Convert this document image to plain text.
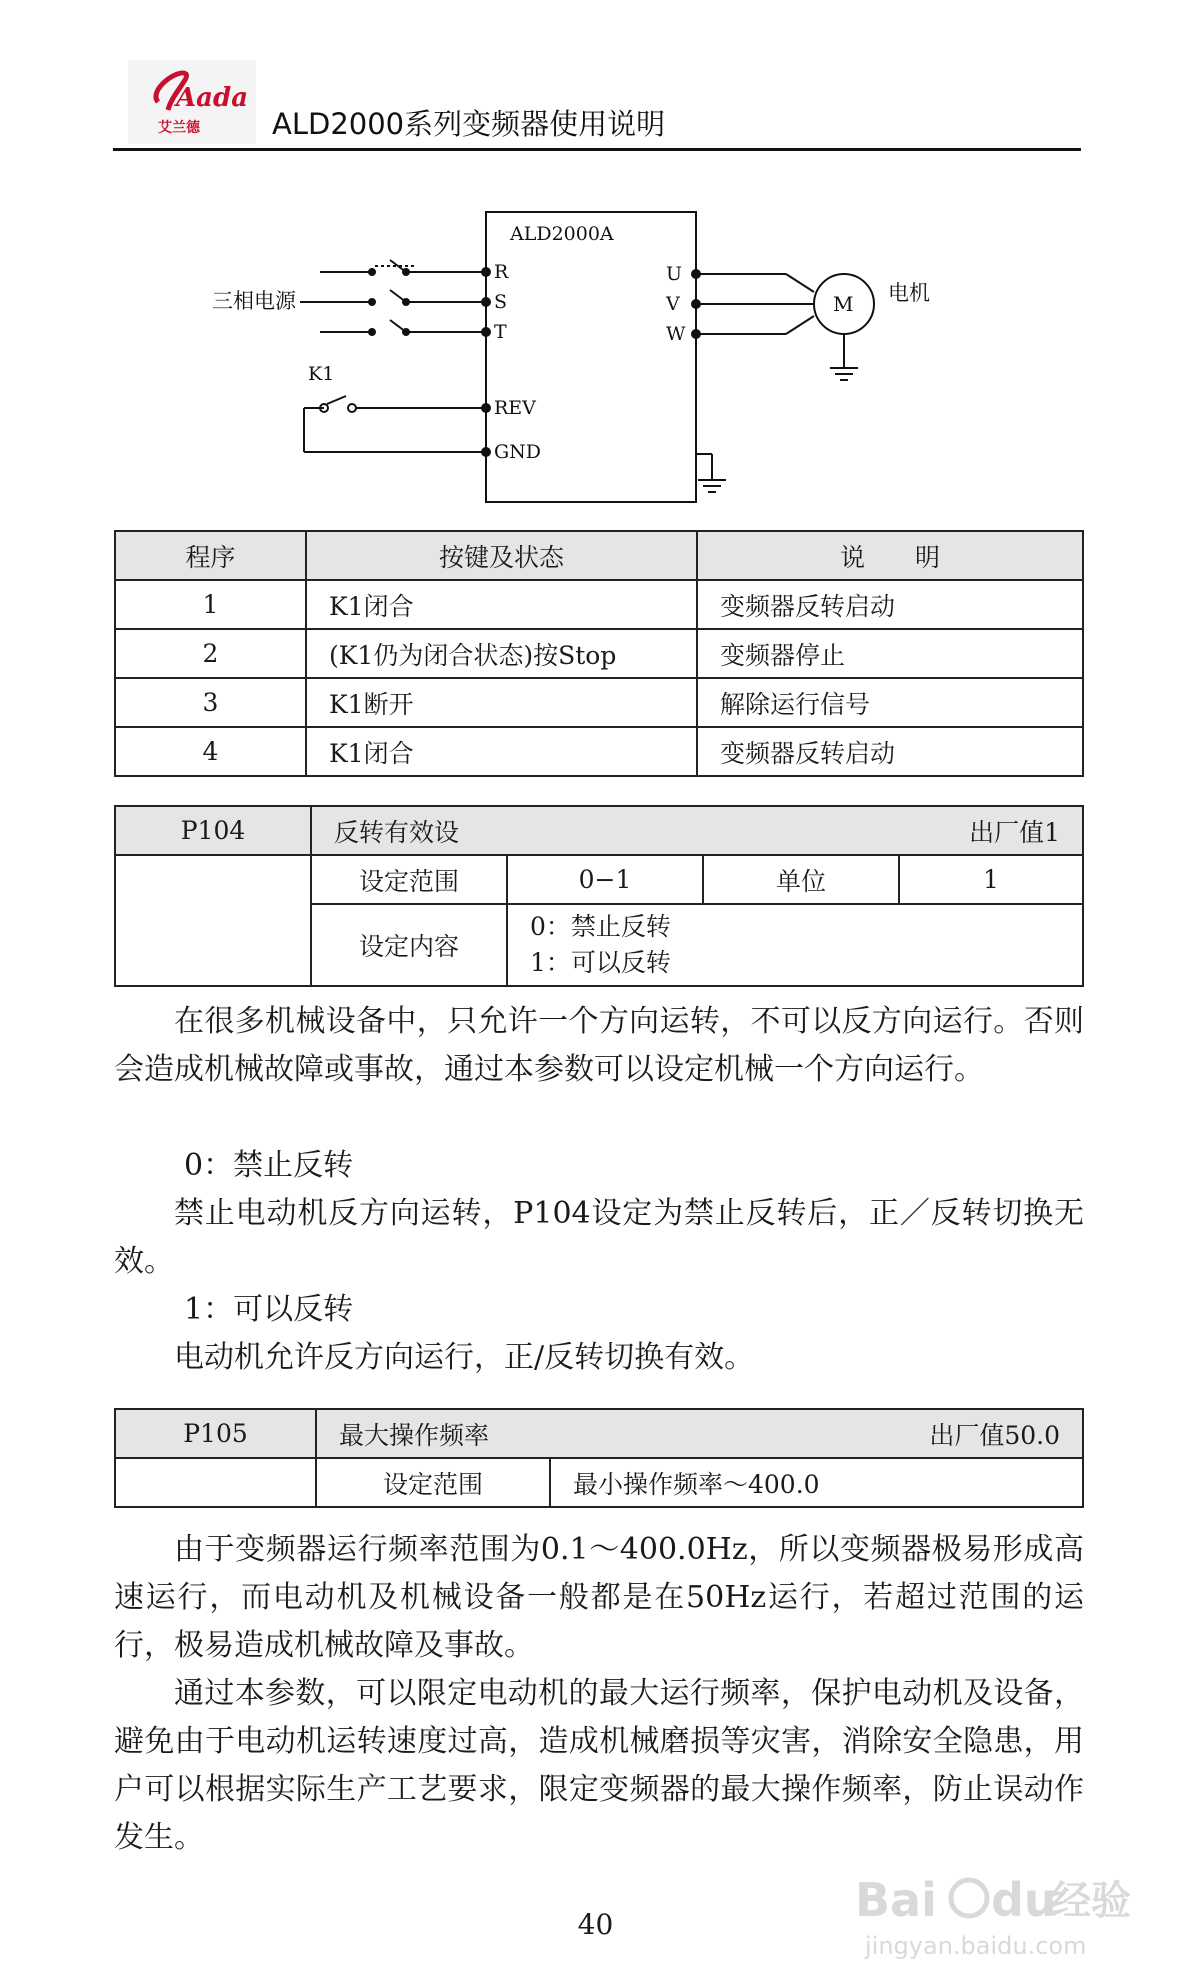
Aada
艾兰德 ALD2000系列变频器使用说明
ALD2000A
三相电源
R
S
T
U
V
W
M 电机
K1
REV
GND
程序	按键及状态	说　　明
1	K1闭合	变频器反转启动
2	(K1仍为闭合状态)按Stop	变频器停止
3	K1断开	解除运行信号
4	K1闭合	变频器反转启动
P104	反转有效设 出厂值1			

	设定范围	0−1	单位	1
	设定内容	0：禁止反转
1：可以反转		

在很多机械设备中，只允许一个方向运转，不可以反方向运行。否则会造成机械故障或事故，通过本参数可以设定机械一个方向运行。

0：禁止反转

禁止电动机反方向运转，P104设定为禁止反转后，正／反转切换无效。

1：可以反转

电动机允许反方向运行，正/反转切换有效。

P105	最大操作频率 出厂值50.0	

	设定范围	最小操作频率～400.0

由于变频器运行频率范围为0.1～400.0Hz，所以变频器极易形成高速运行，而电动机及机械设备一般都是在50Hz运行，若超过范围的运行，极易造成机械故障及事故。

通过本参数，可以限定电动机的最大运行频率，保护电动机及设备，避免由于电动机运转速度过高，造成机械磨损等灾害，消除安全隐患，用户可以根据实际生产工艺要求，限定变频器的最大操作频率，防止误动作发生。

40	Bai du
经验
jingyan.baidu.com
